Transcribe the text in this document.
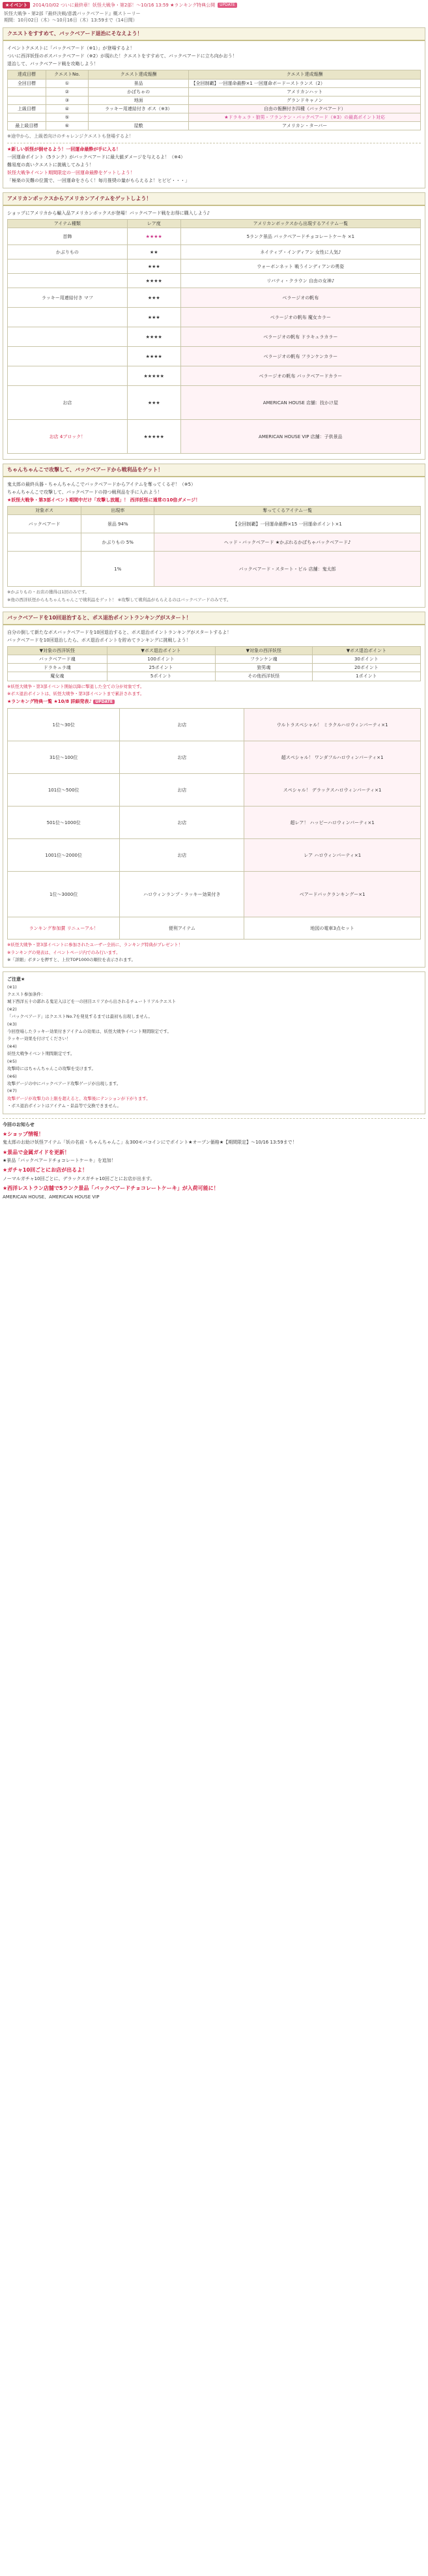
★イベント	2014/10/02 ついに最終章！妖怪大戦争・第2部！～10/16 13:59 ★ランキング特典公開	UPDATE
妖怪大戦争・第2部『最終決戦/意義バックベアード』概ストーリー
期間：10月02日（木）～10月16日（木）13:59まで（14日間）
クエストをすすめて、バックベアード退治にそなえよう！

イベントクエストに「バックベアード（※1）」が登場するよ！

ついに西洋妖怪のボスバックベアード（※2）が現れた！クエストをすすめて、バックベアードに立ち向かおう！

退治して、バックベアード戦を攻略しよう！

達成目標	クエストNo.	クエスト達成報酬	クエスト達成報酬
全回目標	①	景品	【全回制覇】一回運命最酔×1 一回運命ボードーストランス（2）
	②	かぼちゃの	アメリカンハット
	③	地面	グランドキャノン
上級目標	④	ラッキー用連結付き ボス（※3）	自由の報酬付き四種（バックベアード）
	⑤		★ドラキュラ・狼男・フランケン・バックベアード（※3）の最高ポイント対応
最上級目標	⑥	屋敷	アメリカン・ターバー

※途中から、上級者向けのチャレンジクエストも登場するよ！

★新しい妖怪が倒せるよう！一回運命最酔が手に入る！

一回運命ポイント（5ランク）がバックベアードに最大値ダメージを与えるよ！（※4）

難易度の高いクエストに挑戦してみよう！

妖怪大戦争イベント期間限定の一回運命最酔をゲットしよう！

「極楽の災難の位置で、一回運命をさらく！毎月推奨の量がもらえるよ！ヒビビ・・・」

アメリカンボックスからアメリカンアイテムをゲットしよう！

ショップにアメリカから輸入品アメリカンボックスが登場！バックベアード戦をお得に購入しよう♪

アイテム種類	レア度	アメリカンボックスから出現するアイテム一覧
首飾	★★★★	5ランク景品 バックベアードチョコレートケーキ ×1
かぶりもの	★★	ネイティブ・インディアン 女性に人気♪
	★★★	ウォーボンネット 戦うインディアンの勇姿
	★★★★	リバティ・クラウン 自由の女神♪
ラッキー用連結付き マフ	★★★	ベラージオの帆布
	★★★	ベラージオの帆布 魔女カラー
	★★★★	ベラージオの帆布 ドラキュラカラー
	★★★★	ベラージオの帆布 フランケンカラー
	★★★★★	ベラージオの帆布 バックベアードカラー
お店	★★★	AMERICAN HOUSE 店舗：技かけ屋
お店 4ブロック！	★★★★★	AMERICAN HOUSE VIP 店舗：子供景品
ちゃんちゃんこで攻撃して、バックベアードから戦利品をゲット！

鬼太郎の最終兵器・ちゃんちゃんこでバックベアードからアイテムを奪ってくるぞ！（※5）

ちゃんちゃんこで攻撃して、バックベアードの持つ戦利品を手に入れよう！

★妖怪大戦争・第3部イベント期間中だけ「攻撃し放題」！ 西洋妖怪に通常の10倍ダメージ！

対象ボス	出現率	奪ってくるアイテム一覧
バックベアード	景品 94%	【全回制覇】一回運命最酔×15 一回運命ポイント×1
	かぶりもの 5%	ヘッド・バックベアード ★かぶれるかぼちゃバックベアード♪
	1%	バックベアード・スタート・ビル 店舗：鬼太郎

※かぶりもの・お店の獲得は1回のみです。

※他の西洋妖怪からもちゃんちゃんこで戦利品をゲット！ ※攻撃して戦利品がもらえるのはバックベアードのみです。

バックベアードを10回退治すると、ポス退治ポイントランキングがスタート！

自分の倒して新たなボスバックベアードを10回退治すると、ボス退治ポイントランキングがスタートするよ！

バックベアードを10回退治したら、ボス退治ポイントを貯めてランキングに挑戦しよう！

▼対象の西洋妖怪	▼ボス退治ポイント	▼対象の西洋妖怪	▼ボス退治ポイント
バックベアード魂	100ポイント	フランケン魂	30ポイント
ドラキュラ魂	25ポイント	狼男魂	20ポイント
魔女魂	5ポイント	その他西洋妖怪	1ポイント

※妖怪大戦争・第3部イベント開始以降に撃退した全ての分が対象です。

※ボス退治ポイントは、妖怪大戦争・第3部イベントまで累計されます。

★ランキング特典一覧 ★10/8 詳細発表♪ UPDATE

1位～30位	お店	ウルトラスペシャル！ ミラクルハロウィンパーティ×1
31位～100位	お店	超スペシャル！ ワンダフルハロウィンパーティ×1
101位～500位	お店	スペシャル！ デラックスハロウィンパーティ×1
501位～1000位	お店	超レア！ ハッピーハロウィンパーティ×1
1001位～2000位	お店	レア ハロウィンパーティ×1
1位～3000位	ハロウィンランプ・ラッキー効果付き	ベアードバックランキングー×1
ランキング参加賞 リニューアル！	便利アイテム	地図の電車3点セット

※妖怪大戦争・第3部イベントに参加されたユーザー全員に、ランキング特典がプレゼント！

※ランキングの発表は、イベントページ内でのみ行います。

※「詳細」ボタンを押すと、上位TOP1000の順位を表示されます。

ご注意★

(※1)

クエスト参加条件：

城下西洋五十の郭れる鬼足入ほどを一の回目エリアから出されるチュートリアルクエスト

(※2)

「バックベアード」はクエストNo.7を発見するまでは最初も出現しません。

(※3)

今回登場したラッキー効果付きアイテムの効果は、妖怪大戦争イベント期間限定です。

ラッキー効果を付けてください！

(※4)

妖怪大戦争イベント期間限定です。

(※5)

攻撃時にはちゃんちゃんこの攻撃を受けます。

(※6)

攻撃ゲージの中にバックベアード攻撃ゲージが出現します。

(※7)

攻撃ゲージが攻撃力の上限を超えると、攻撃後にテンションが下がります。

・ボス退治ポイントはアイテム・景品等で交換できません。

今回のお知らせ

★ショップ情報！

鬼太郎のお助け妖怪アイテム「妖の名前・ちゃんちゃんこ」＆300モバコインにでポイント★オープン価格★【期間限定】～10/16 13:59まで！

★景品で金属ガイドを更新！

★景品「バックベアードチョコレートケーキ」を追加！

★ガチャ10回ごとにお店が出るよ！

ノーマルガチャ10回ごとに、デラックスガチャ10回ごとにお店が出ます。

★西洋レストラン店舗で5ランク景品「バックベアードチョコレートケーキ」が入荷可能に！

AMERICAN HOUSE、AMERICAN HOUSE VIP
